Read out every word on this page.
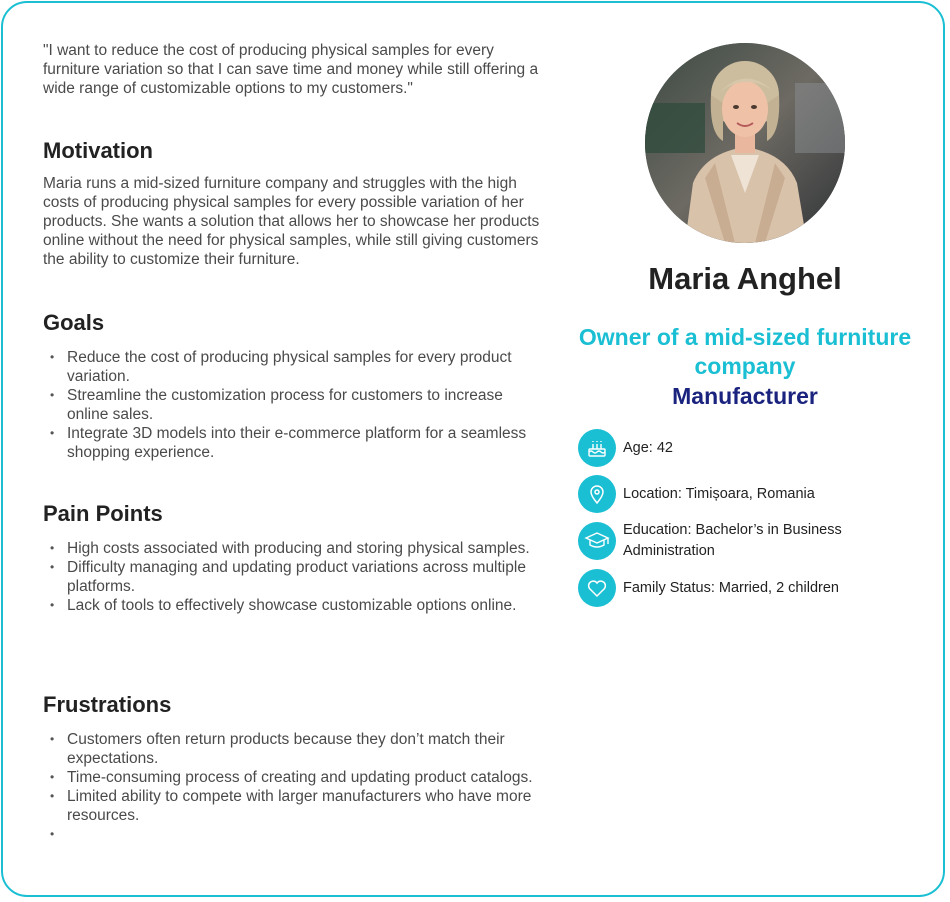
"I want to reduce the cost of producing physical samples for every furniture variation so that I can save time and money while still offering a wide range of customizable options to my customers."

Motivation

Maria runs a mid-sized furniture company and struggles with the high costs of producing physical samples for every possible variation of her products. She wants a solution that allows her to showcase her products online without the need for physical samples, while still giving customers the ability to customize their furniture.

Goals
• Reduce the cost of producing physical samples for every product variation.
• Streamline the customization process for customers to increase online sales.
• Integrate 3D models into their e-commerce platform for a seamless shopping experience.
Pain Points
• High costs associated with producing and storing physical samples.
• Difficulty managing and updating product variations across multiple platforms.
• Lack of tools to effectively showcase customizable options online.
Frustrations
• Customers often return products because they don’t match their expectations.
• Time-consuming process of creating and updating product catalogs.
• Limited ability to compete with larger manufacturers who have more resources.
•
Maria Anghel
Owner of a mid-sized furniture company
Manufacturer
Age: 42
Location: Timișoara, Romania
Education: Bachelor’s in Business Administration
Family Status: Married, 2 children
